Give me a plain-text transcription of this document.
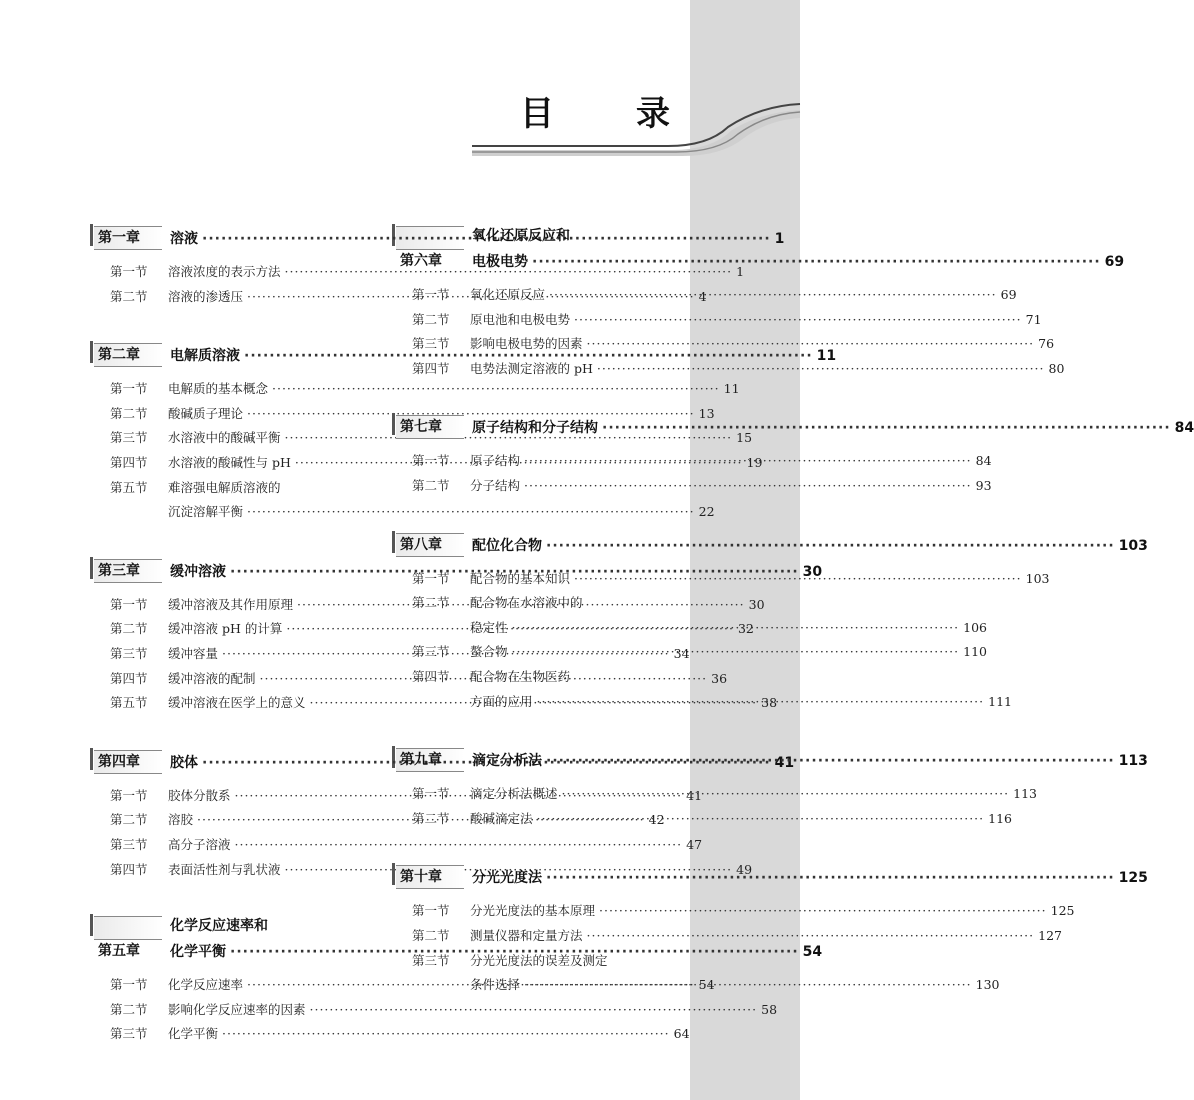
目 录
第一章	溶液 ·····	1
第一节	溶液浓度的表示方法 ·····	1
第二节	溶液的渗透压 ·····	4
第二章	电解质溶液 ·····	11
第一节	电解质的基本概念 ·····	11
第二节	酸碱质子理论 ·····	13
第三节	水溶液中的酸碱平衡 ·····	15
第四节	水溶液的酸碱性与 pH ·····	19
第五节	难溶强电解质溶液的
沉淀溶解平衡 ·····	22
第三章	缓冲溶液 ·····	30
第一节	缓冲溶液及其作用原理 ·····	30
第二节	缓冲溶液 pH 的计算 ·····	32
第三节	缓冲容量 ·····	34
第四节	缓冲溶液的配制 ·····	36
第五节	缓冲溶液在医学上的意义 ·····	38
第四章	胶体 ·····	41
第一节	胶体分散系 ·····	41
第二节	溶胶 ·····	42
第三节	高分子溶液 ·····	47
第四节	表面活性剂与乳状液 ·····	49
第五章
化学反应速率和
化学平衡 ·····	54
第一节	化学反应速率 ·····	54
第二节	影响化学反应速率的因素 ·····	58
第三节	化学平衡 ·····	64
第六章
氧化还原反应和
电极电势 ·····	69
第一节	氧化还原反应 ·····	69
第二节	原电池和电极电势 ·····	71
第三节	影响电极电势的因素 ·····	76
第四节	电势法测定溶液的 pH ·····	80
第七章	原子结构和分子结构 ·····	84
第一节	原子结构 ·····	84
第二节	分子结构 ·····	93
第八章	配位化合物 ·····	103
第一节	配合物的基本知识 ·····	103
第二节	配合物在水溶液中的
稳定性 ·····	106
第三节	螯合物 ·····	110
第四节	配合物在生物医药
方面的应用 ·····	111
第九章	滴定分析法 ·····	113
第一节	滴定分析法概述 ·····	113
第二节	酸碱滴定法 ·····	116
第十章	分光光度法 ·····	125
第一节	分光光度法的基本原理 ·····	125
第二节	测量仪器和定量方法 ·····	127
第三节	分光光度法的误差及测定
条件选择 ·····	130
